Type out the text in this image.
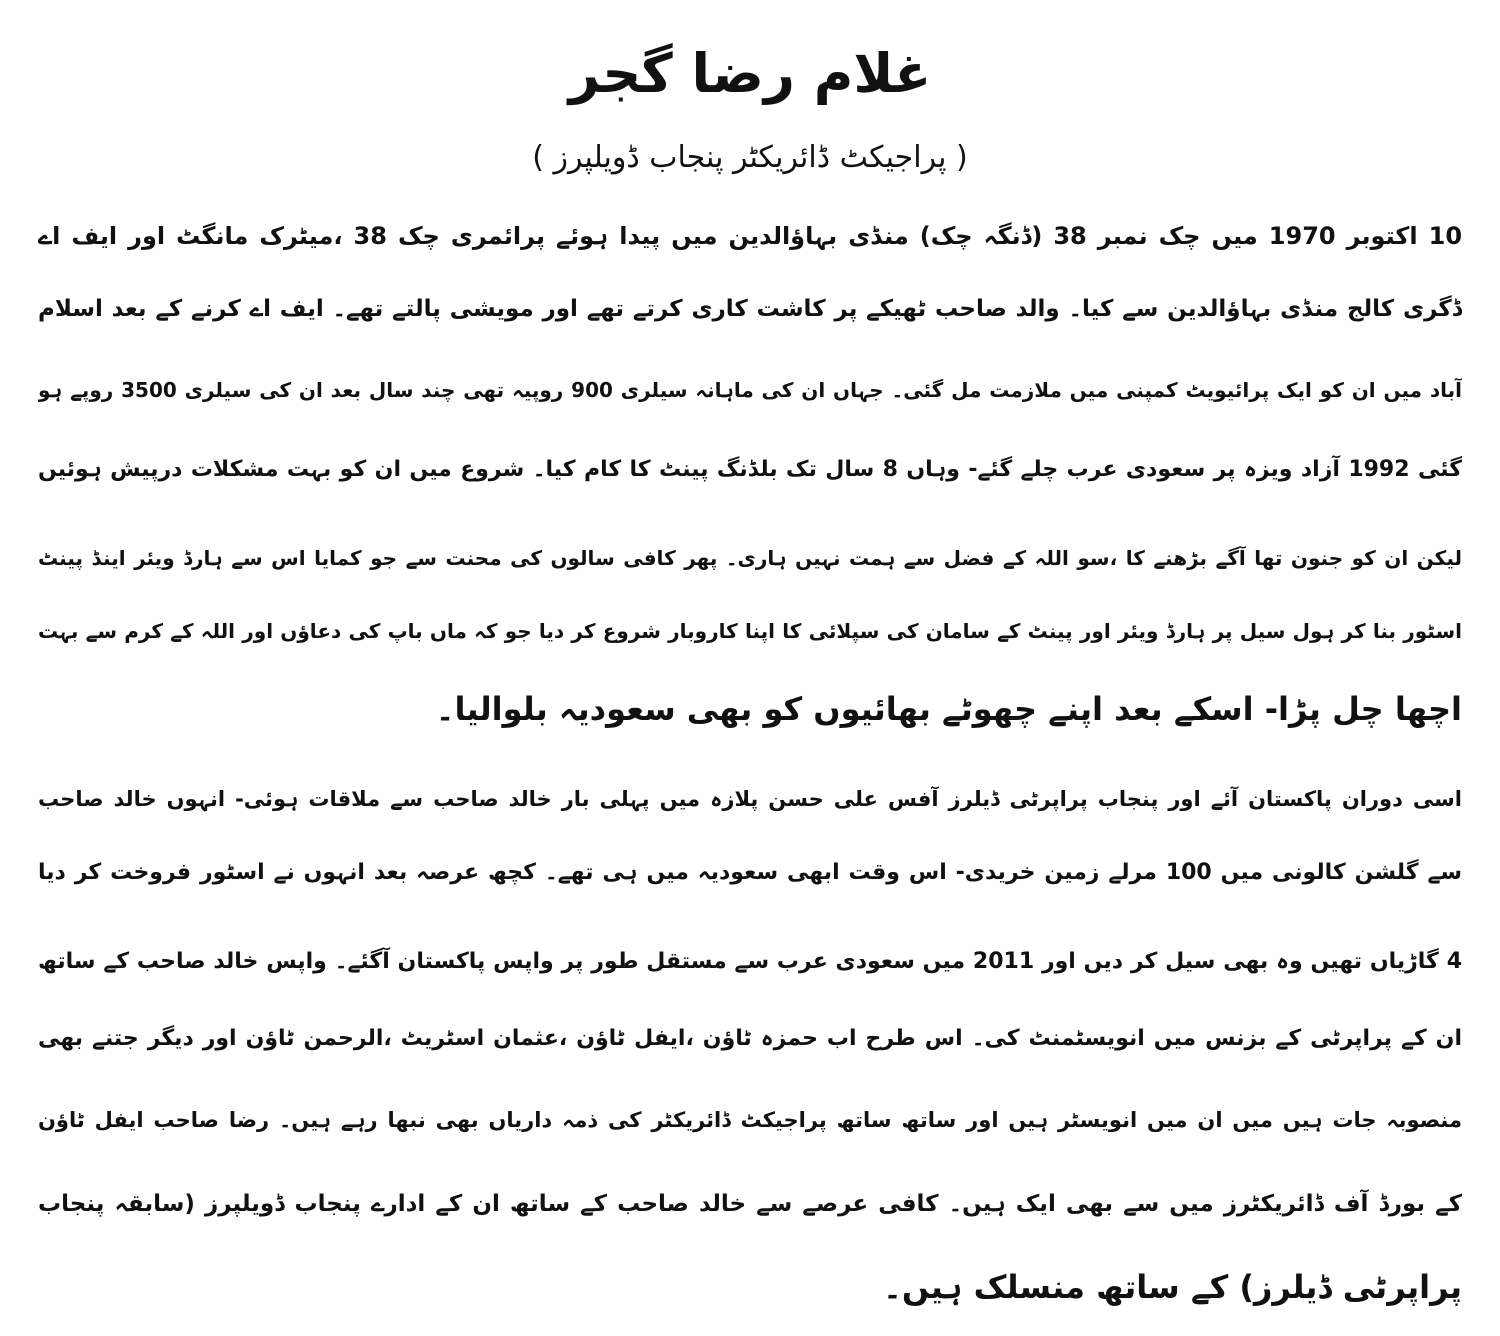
غلام رضا گجر
( پراجیکٹ ڈائریکٹر پنجاب ڈویلپرز )
10 اکتوبر 1970 میں چک نمبر 38 (ڈنگہ چک) منڈی بہاؤالدین میں پیدا ہوئے پرائمری چک 38 ،میٹرک مانگٹ اور ایف اے
ڈگری کالج منڈی بہاؤالدین سے کیا۔ والد صاحب ٹھیکے پر کاشت کاری کرتے تھے اور مویشی پالتے تھے۔ ایف اے کرنے کے بعد اسلام
آباد میں ان کو ایک پرائیویٹ کمپنی میں ملازمت مل گئی۔ جہاں ان کی ماہانہ سیلری 900 روپیہ تھی چند سال بعد ان کی سیلری 3500 روپے ہو
گئی 1992 آزاد ویزہ پر سعودی عرب چلے گئے- وہاں 8 سال تک بلڈنگ پینٹ کا کام کیا۔ شروع میں ان کو بہت مشکلات درپیش ہوئیں
لیکن ان کو جنون تھا آگے بڑھنے کا ،سو اللہ کے فضل سے ہمت نہیں ہاری۔ پھر کافی سالوں کی محنت سے جو کمایا اس سے ہارڈ ویئر اینڈ پینٹ
اسٹور بنا کر ہول سیل پر ہارڈ ویئر اور پینٹ کے سامان کی سپلائی کا اپنا کاروبار شروع کر دیا جو کہ ماں باپ کی دعاؤں اور اللہ کے کرم سے بہت
اچھا چل پڑا- اسکے بعد اپنے چھوٹے بھائیوں کو بھی سعودیہ بلوالیا۔
اسی دوران پاکستان آئے اور پنجاب پراپرٹی ڈیلرز آفس علی حسن پلازہ میں پہلی بار خالد صاحب سے ملاقات ہوئی- انہوں خالد صاحب
سے گلشن کالونی میں 100 مرلے زمین خریدی- اس وقت ابھی سعودیہ میں ہی تھے۔ کچھ عرصہ بعد انہوں نے اسٹور فروخت کر دیا
4 گاڑیاں تھیں وہ بھی سیل کر دیں اور 2011 میں سعودی عرب سے مستقل طور پر واپس پاکستان آگئے۔ واپس خالد صاحب کے ساتھ
ان کے پراپرٹی کے بزنس میں انویسٹمنٹ کی۔ اس طرح اب حمزہ ٹاؤن ،ایفل ٹاؤن ،عثمان اسٹریٹ ،الرحمن ٹاؤن اور دیگر جتنے بھی
منصوبہ جات ہیں میں ان میں انویسٹر ہیں اور ساتھ ساتھ پراجیکٹ ڈائریکٹر کی ذمہ داریاں بھی نبھا رہے ہیں۔ رضا صاحب ایفل ٹاؤن
کے بورڈ آف ڈائریکٹرز میں سے بھی ایک ہیں۔ کافی عرصے سے خالد صاحب کے ساتھ ان کے ادارے پنجاب ڈویلپرز (سابقہ پنجاب
پراپرٹی ڈیلرز) کے ساتھ منسلک ہیں۔
